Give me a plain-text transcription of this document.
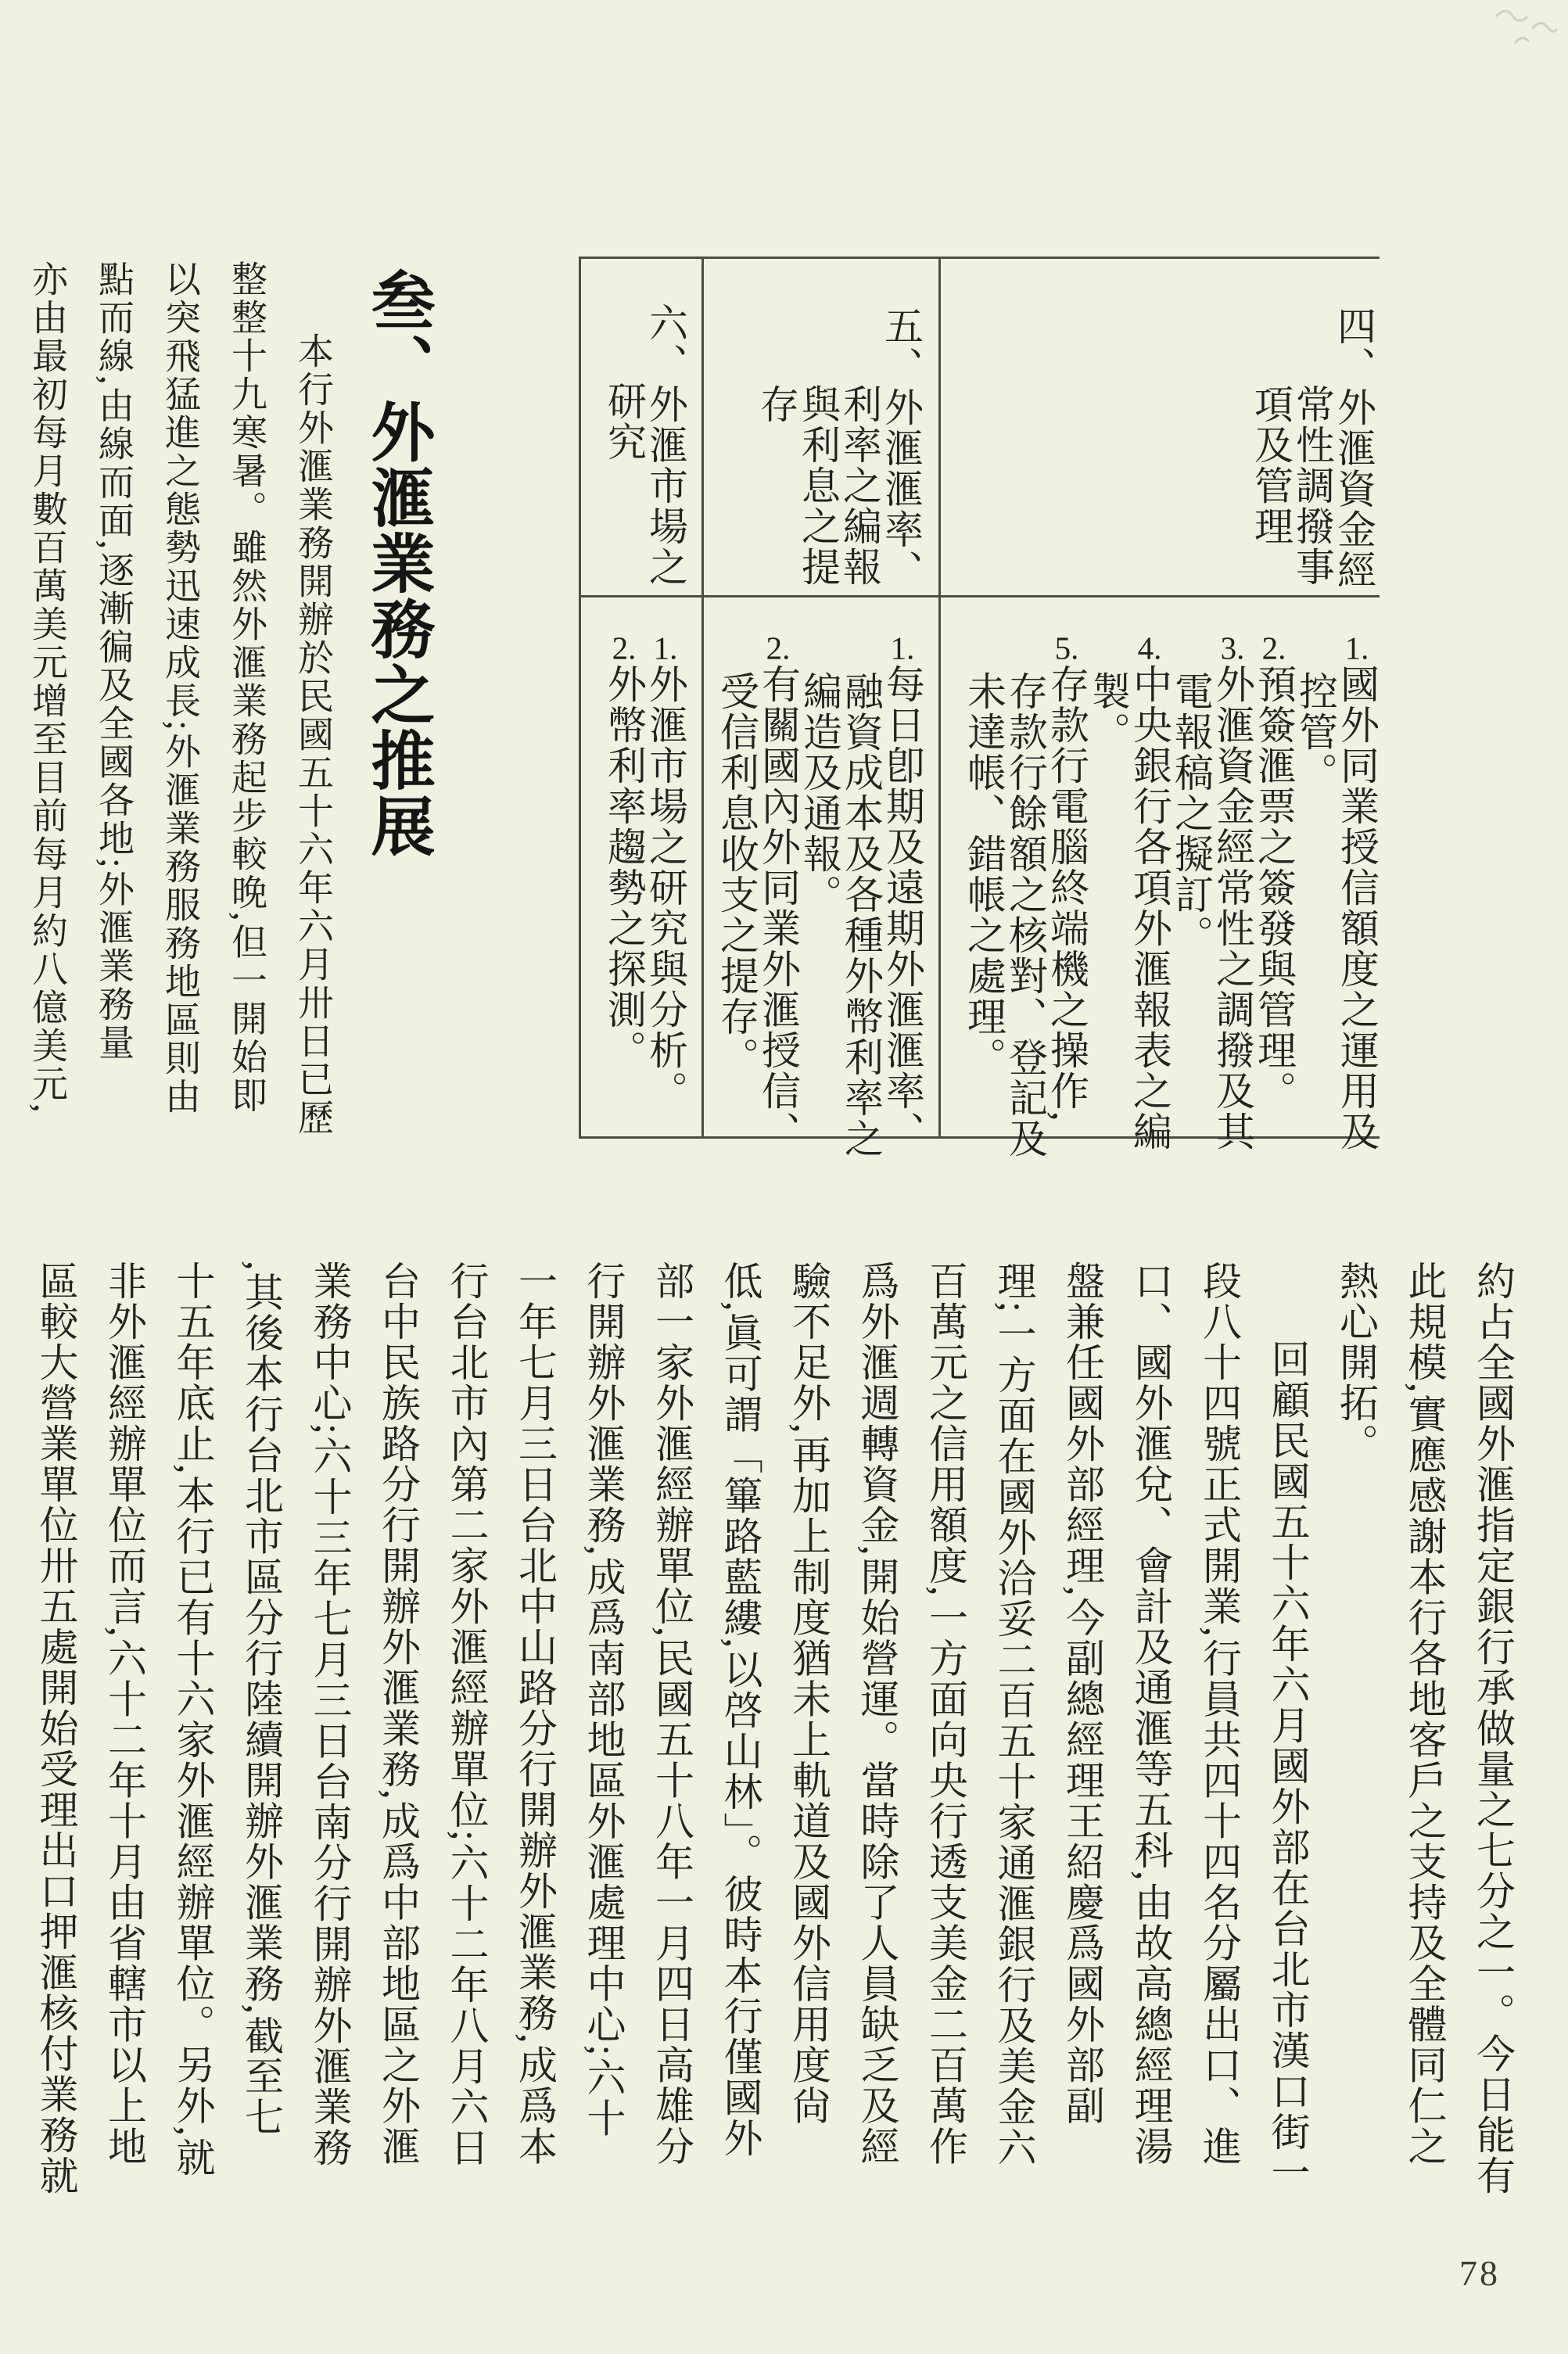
四、外滙資金經
常性調撥事
項及管理
1.國外同業授信額度之運用及
控管。
2.預簽滙票之簽發與管理。
3.外滙資金經常性之調撥及其
電報稿之擬訂。
4.中央銀行各項外滙報表之編
製。
5.存款行電腦終端機之操作,
存款行餘額之核對、登記及
未達帳、錯帳之處理。
五、外滙滙率、
利率之編報
與利息之提
存
1.每日卽期及遠期外滙滙率、
融資成本及各種外幣利率之
編造及通報。
2.有關國內外同業外滙授信、
受信利息收支之提存。
六、外滙市場之
研究
1.外滙市場之研究與分析。
2.外幣利率趨勢之探測。
叁、外滙業務之推展
本行外滙業務開辦於民國五十六年六月卅日已歷
整整十九寒暑。雖然外滙業務起步較晚,但一開始即
以突飛猛進之態勢迅速成長;外滙業務服務地區則由
點而線,由線而面,逐漸徧及全國各地;外滙業務量
亦由最初每月數百萬美元增至目前每月約八億美元,
約占全國外滙指定銀行承做量之七分之一。今日能有
此規模,實應感謝本行各地客戶之支持及全體同仁之
熱心開拓。
回顧民國五十六年六月國外部在台北市漢口街一
段八十四號正式開業,行員共四十四名分屬出口、進
口、國外滙兌、會計及通滙等五科,由故高總經理湯
盤兼任國外部經理,今副總經理王紹慶爲國外部副
理;一方面在國外洽妥二百五十家通滙銀行及美金六
百萬元之信用額度,一方面向央行透支美金二百萬作
爲外滙週轉資金,開始營運。當時除了人員缺乏及經
驗不足外,再加上制度猶未上軌道及國外信用度尙
低,眞可謂「篳路藍縷,以啓山林」。彼時本行僅國外
部一家外滙經辦單位,民國五十八年一月四日高雄分
行開辦外滙業務,成爲南部地區外滙處理中心;六十
一年七月三日台北中山路分行開辦外滙業務,成爲本
行台北市內第二家外滙經辦單位;六十二年八月六日
台中民族路分行開辦外滙業務,成爲中部地區之外滙
業務中心;六十三年七月三日台南分行開辦外滙業務
,其後本行台北市區分行陸續開辦外滙業務,截至七
十五年底止,本行已有十六家外滙經辦單位。另外,就
非外滙經辦單位而言,六十二年十月由省轄市以上地
區較大營業單位卅五處開始受理出口押滙核付業務就
78
